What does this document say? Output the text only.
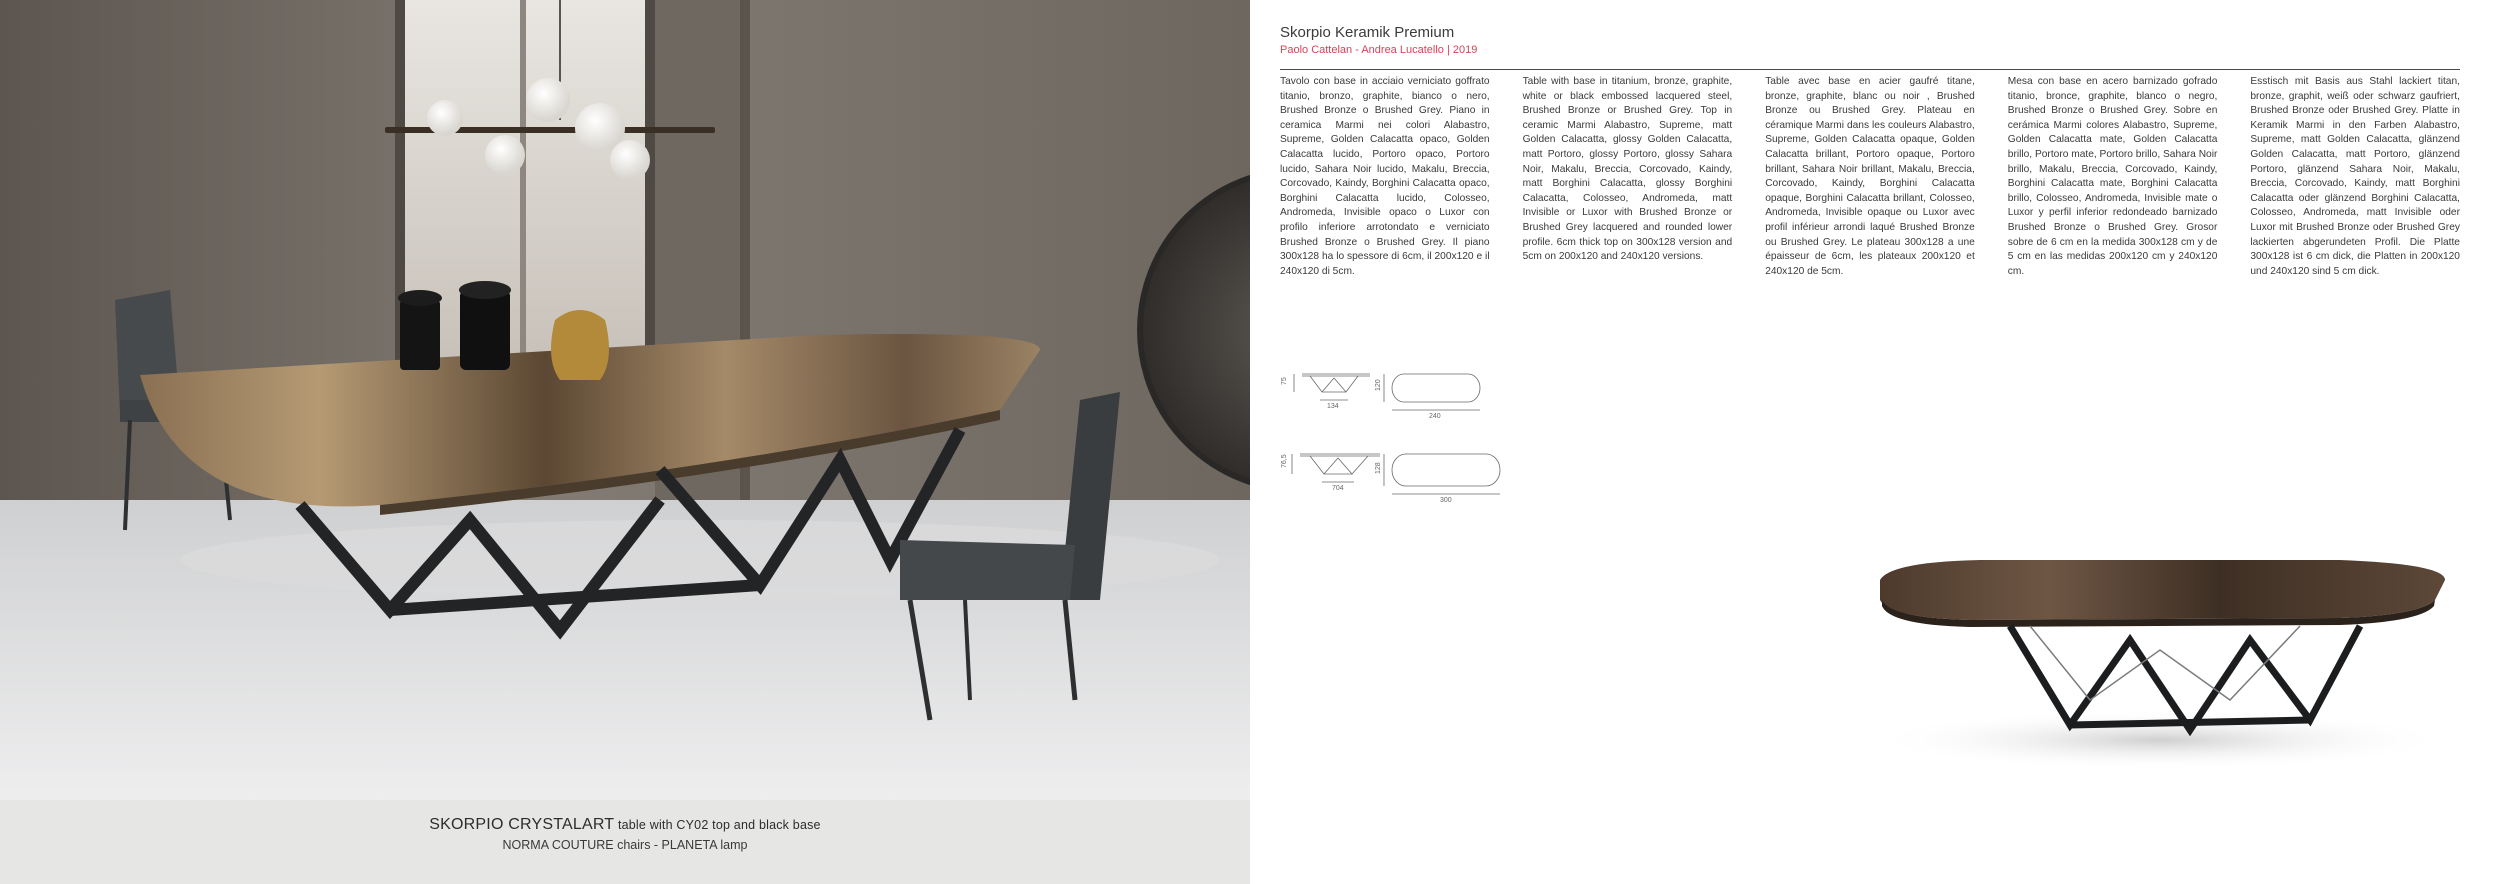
SKORPIO CRYSTALART table with CY02 top and black base
NORMA COUTURE chairs - PLANETA lamp
Skorpio Keramik Premium
Paolo Cattelan - Andrea Lucatello | 2019

Tavolo con base in acciaio verniciato goffrato titanio, bronzo, graphite, bianco o nero, Brushed Bronze o Brushed Grey. Piano in ceramica Marmi nei colori Alabastro, Supreme, Golden Calacatta opaco, Golden Calacatta lucido, Portoro opaco, Portoro lucido, Sahara Noir lucido, Makalu, Breccia, Corcovado, Kaindy, Borghini Calacatta opaco, Borghini Calacatta lucido, Colosseo, Andromeda, Invisible opaco o Luxor con profilo inferiore arrotondato e verniciato Brushed Bronze o Brushed Grey. Il piano 300x128 ha lo spessore di 6cm, il 200x120 e il 240x120 di 5cm.

Table with base in titanium, bronze, graphite, white or black embossed lacquered steel, Brushed Bronze or Brushed Grey. Top in ceramic Marmi Alabastro, Supreme, matt Golden Calacatta, glossy Golden Calacatta, matt Portoro, glossy Portoro, glossy Sahara Noir, Makalu, Breccia, Corcovado, Kaindy, matt Borghini Calacatta, glossy Borghini Calacatta, Colosseo, Andromeda, matt Invisible or Luxor with Brushed Bronze or Brushed Grey lacquered and rounded lower profile. 6cm thick top on 300x128 version and 5cm on 200x120 and 240x120 versions.

Table avec base en acier gaufré titane, bronze, graphite, blanc ou noir , Brushed Bronze ou Brushed Grey. Plateau en céramique Marmi dans les couleurs Alabastro, Supreme, Golden Calacatta opaque, Golden Calacatta brillant, Portoro opaque, Portoro brillant, Sahara Noir brillant, Makalu, Breccia, Corcovado, Kaindy, Borghini Calacatta opaque, Borghini Calacatta brillant, Colosseo, Andromeda, Invisible opaque ou Luxor avec profil inférieur arrondi laqué Brushed Bronze ou Brushed Grey. Le plateau 300x128 a une épaisseur de 6cm, les plateaux 200x120 et 240x120 de 5cm.

Mesa con base en acero barnizado gofrado titanio, bronce, graphite, blanco o negro, Brushed Bronze o Brushed Grey. Sobre en cerámica Marmi colores Alabastro, Supreme, Golden Calacatta mate, Golden Calacatta brillo, Portoro mate, Portoro brillo, Sahara Noir brillo, Makalu, Breccia, Corcovado, Kaindy, Borghini Calacatta mate, Borghini Calacatta brillo, Colosseo, Andromeda, Invisible mate o Luxor y perfil inferior redondeado barnizado Brushed Bronze o Brushed Grey. Grosor sobre de 6 cm en la medida 300x128 cm y de 5 cm en las medidas 200x120 cm y 240x120 cm.

Esstisch mit Basis aus Stahl lackiert titan, bronze, graphit, weiß oder schwarz gaufriert, Brushed Bronze oder Brushed Grey. Platte in Keramik Marmi in den Farben Alabastro, Supreme, matt Golden Calacatta, glänzend Golden Calacatta, matt Portoro, glänzend Portoro, glänzend Sahara Noir, Makalu, Breccia, Corcovado, Kaindy, matt Borghini Calacatta oder glänzend Borghini Calacatta, Colosseo, Andromeda, matt Invisible oder Luxor mit Brushed Bronze oder Brushed Grey lackierten abgerundeten Profil. Die Platte 300x128 ist 6 cm dick, die Platten in 200x120 und 240x120 sind 5 cm dick.

75
134
120
240
76,5
704
128
300
